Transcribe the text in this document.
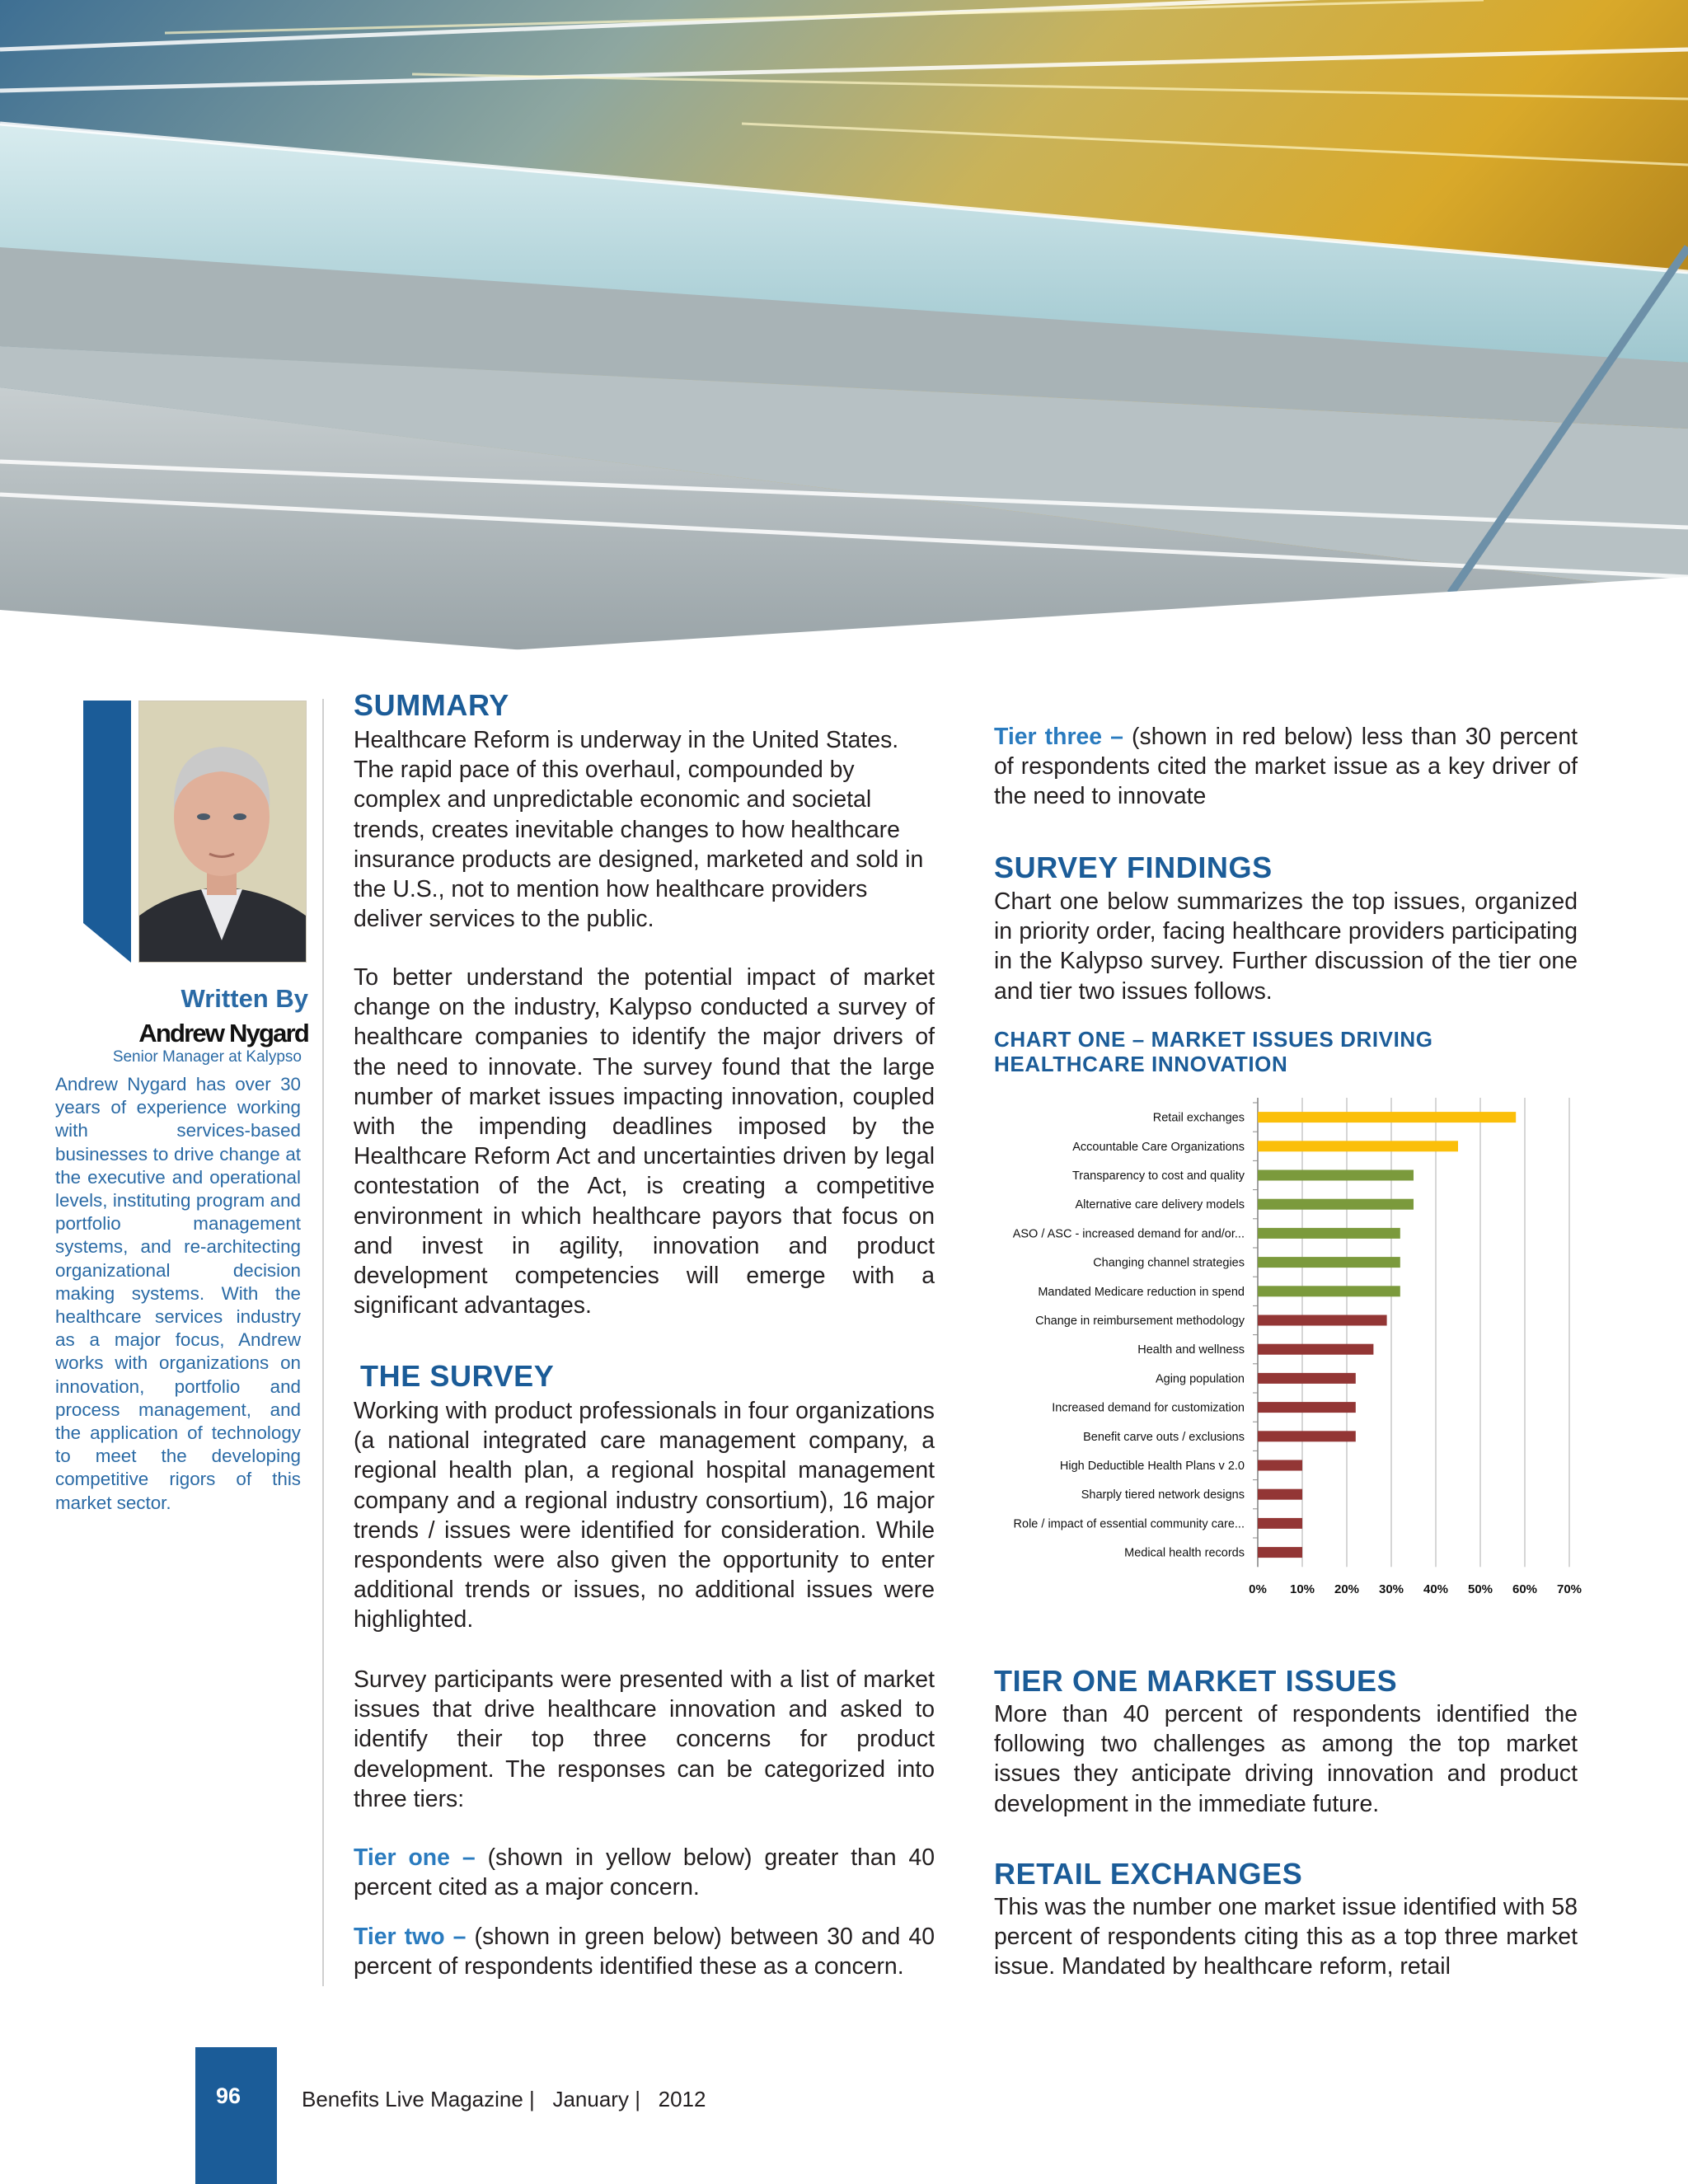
Written By
Andrew Nygard
Senior Manager at Kalypso

Andrew Nygard has over 30 years of experience working with services-based businesses to drive change at the executive and operational levels, instituting program and portfolio management systems, and re-architecting organizational decision making systems. With the healthcare services industry as a major focus, Andrew works with organizations on innovation, portfolio and process management, and the application of technology to meet the developing competitive rigors of this market sector.

SUMMARY

Healthcare Reform is underway in the United States. The rapid pace of this overhaul, compounded by complex and unpredictable economic and societal trends, creates inevitable changes to how healthcare insurance products are designed, marketed and sold in the U.S., not to mention how healthcare providers deliver services to the public.

To better understand the potential impact of market change on the industry, Kalypso conducted a survey of healthcare companies to identify the major drivers of the need to innovate. The survey found that the large number of market issues impacting innovation, coupled with the impending deadlines imposed by the Healthcare Reform Act and uncertainties driven by legal contestation of the Act, is creating a competitive environment in which healthcare payors that focus on and invest in agility, innovation and product development competencies will emerge with a significant advantages.

THE SURVEY

Working with product professionals in four organizations (a national integrated care management company, a regional health plan, a regional hospital management company and a regional industry consortium), 16 major trends / issues were identified for consideration. While respondents were also given the opportunity to enter additional trends or issues, no additional issues were highlighted.

Survey participants were presented with a list of market issues that drive healthcare innovation and asked to identify their top three concerns for product development. The responses can be categorized into three tiers:

Tier one – (shown in yellow below) greater than 40 percent cited as a major concern.

Tier two – (shown in green below) between 30 and 40 percent of respondents identified these as a concern.

Tier three – (shown in red below) less than 30 percent of respondents cited the market issue as a key driver of the need to innovate

SURVEY FINDINGS

Chart one below summarizes the top issues, organized in priority order, facing healthcare providers participating in the Kalypso survey. Further discussion of the tier one and tier two issues follows.

CHART ONE – MARKET ISSUES DRIVING HEALTHCARE INNOVATION
0% 10% 20% 30% 40% 50% 60% 70%
Retail exchanges
Accountable Care Organizations
Transparency to cost and quality
Alternative care delivery models
ASO / ASC - increased demand for and/or...
Changing channel strategies
Mandated Medicare reduction in spend
Change in reimbursement methodology
Health and wellness
Aging population
Increased demand for customization
Benefit carve outs / exclusions
High Deductible Health Plans v 2.0
Sharply tiered network designs
Role / impact of essential community care...
Medical health records
TIER ONE MARKET ISSUES

More than 40 percent of respondents identified the following two challenges as among the top market issues they anticipate driving innovation and product development in the immediate future.

RETAIL EXCHANGES

This was the number one market issue identified with 58 percent of respondents citing this as a top three market issue. Mandated by healthcare reform, retail

96	Benefits Live Magazine |   January |   2012
